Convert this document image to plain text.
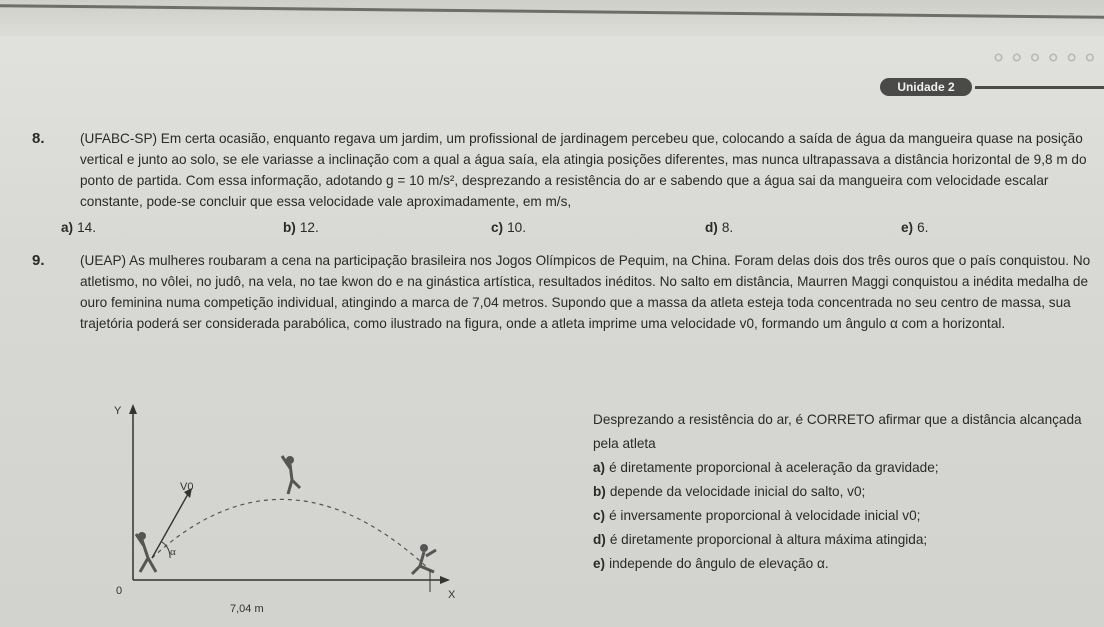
∘∘∘∘∘∘
Unidade 2
8.	(UFABC-SP) Em certa ocasião, enquanto regava um jardim, um profissional de jardinagem percebeu que, colocando a saída de água da mangueira quase na posição vertical e junto ao solo, se ele variasse a inclinação com a qual a água saía, ela atingia posições diferentes, mas nunca ultrapassava a distância horizontal de 9,8 m do ponto de partida. Com essa informação, adotando g = 10 m/s², desprezando a resistência do ar e sabendo que a água sai da mangueira com velocidade escalar constante, pode-se concluir que essa velocidade vale aproximadamente, em m/s,
a) 14.	b) 12.	c) 10.	d) 8.	e) 6.
9.	(UEAP) As mulheres roubaram a cena na participação brasileira nos Jogos Olímpicos de Pequim, na China. Foram delas dois dos três ouros que o país conquistou. No atletismo, no vôlei, no judô, na vela, no tae kwon do e na ginástica artística, resultados inéditos. No salto em distância, Maurren Maggi conquistou a inédita medalha de ouro feminina numa competição individual, atingindo a marca de 7,04 metros. Supondo que a massa da atleta esteja toda concentrada no seu centro de massa, sua trajetória poderá ser considerada parabólica, como ilustrado na figura, onde a atleta imprime uma velocidade v0, formando um ângulo α com a horizontal.
Y
X
0
V0
α
7,04 m
Desprezando a resistência do ar, é CORRETO afirmar que a distância alcançada pela atleta
a) é diretamente proporcional à aceleração da gravidade;
b) depende da velocidade inicial do salto, v0;
c) é inversamente proporcional à velocidade inicial v0;
d) é diretamente proporcional à altura máxima atingida;
e) independe do ângulo de elevação α.
